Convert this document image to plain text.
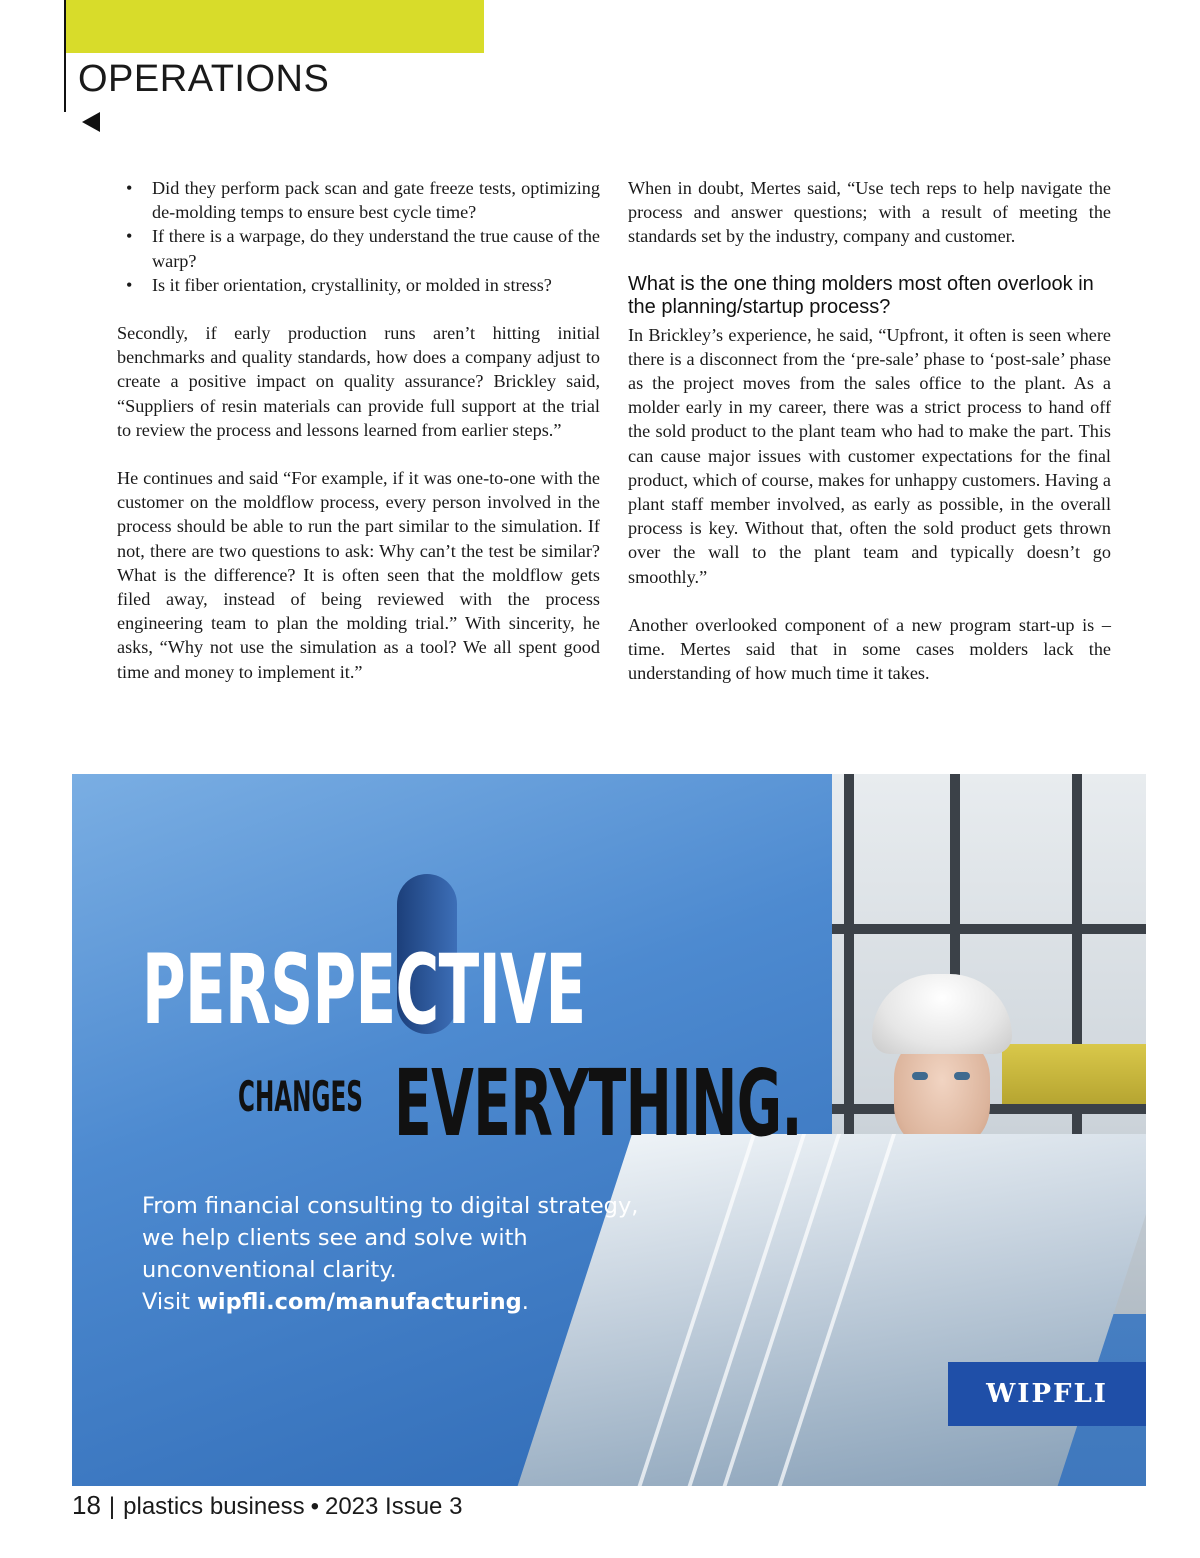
OPERATIONS
• Did they perform pack scan and gate freeze tests, optimizing de-molding temps to ensure best cycle time?
• If there is a warpage, do they understand the true cause of the warp?
• Is it fiber orientation, crystallinity, or molded in stress?

Secondly, if early production runs aren’t hitting initial benchmarks and quality standards, how does a company adjust to create a positive impact on quality assurance? Brickley said, “Suppliers of resin materials can provide full support at the trial to review the process and lessons learned from earlier steps.”

He continues and said “For example, if it was one-to-one with the customer on the moldflow process, every person involved in the process should be able to run the part similar to the simulation. If not, there are two questions to ask: Why can’t the test be similar? What is the difference? It is often seen that the moldflow gets filed away, instead of being reviewed with the process engineering team to plan the molding trial.” With sincerity, he asks, “Why not use the simulation as a tool? We all spent good time and money to implement it.”

When in doubt, Mertes said, “Use tech reps to help navigate the process and answer questions; with a result of meeting the standards set by the industry, company and customer.

What is the one thing molders most often overlook in the planning/startup process?

In Brickley’s experience, he said, “Upfront, it often is seen where there is a disconnect from the ‘pre-sale’ phase to ‘post-sale’ phase as the project moves from the sales office to the plant. As a molder early in my career, there was a strict process to hand off the sold product to the plant team who had to make the part. This can cause major issues with customer expectations for the final product, which of course, makes for unhappy customers. Having a plant staff member involved, as early as possible, in the overall process is key. Without that, often the sold product gets thrown over the wall to the plant team and typically doesn’t go smoothly.”

Another overlooked component of a new program start-up is – time. Mertes said that in some cases molders lack the understanding of how much time it takes.

PERSPECTIVE
CHANGES EVERYTHING.

From financial consulting to digital strategy, we help clients see and solve with unconventional clarity.
Visit wipfli.com/manufacturing.

WIPFLI

18 | plastics business • 2023 Issue 3
